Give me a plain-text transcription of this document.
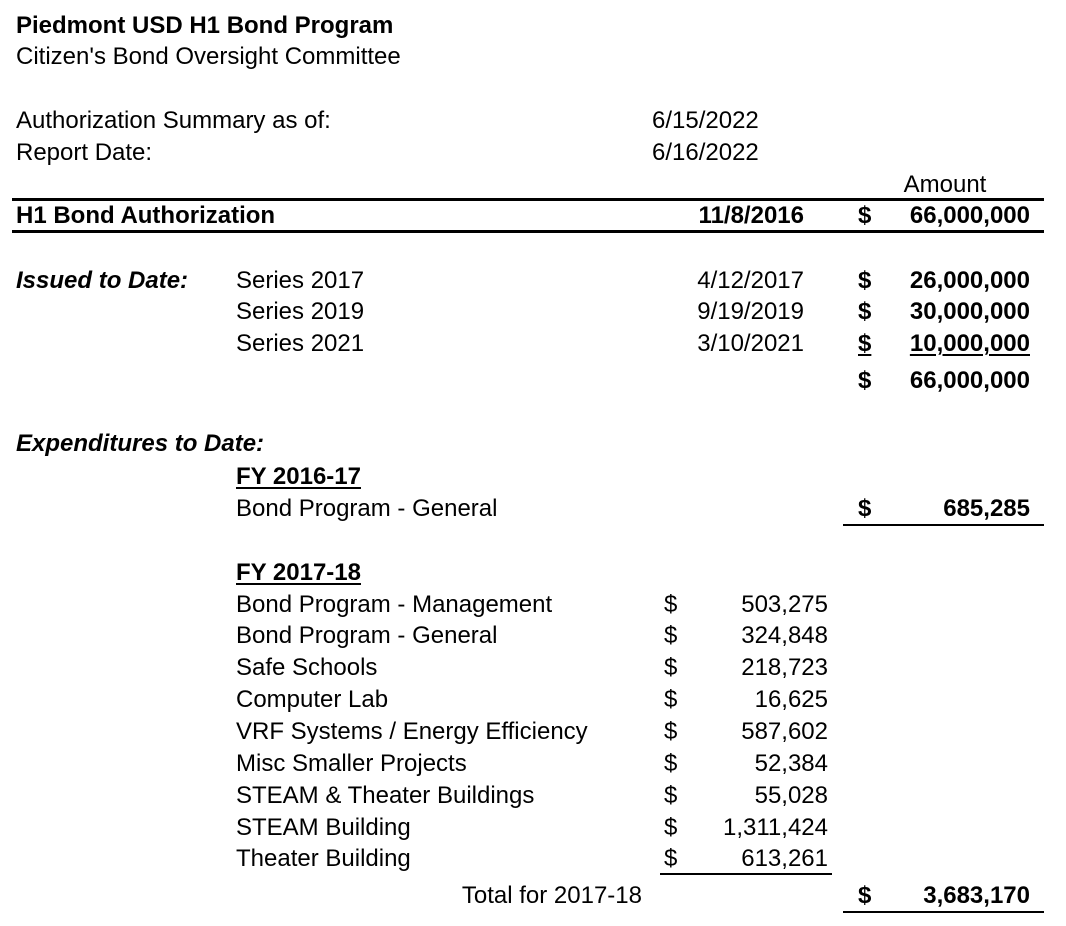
Piedmont USD H1 Bond Program
Citizen's Bond Oversight Committee
Authorization Summary as of:	6/15/2022
Report Date:	6/16/2022
Amount
H1 Bond Authorization	11/8/2016 $	66,000,000
Issued to Date: Series 2017	4/12/2017 $	26,000,000
Series 2019	9/19/2019 $	30,000,000
Series 2021	3/10/2021 $	10,000,000
$	66,000,000
Expenditures to Date:
FY 2016-17
Bond Program - General	$	685,285
FY 2017-18
Bond Program - Management	$	503,275
Bond Program - General	$	324,848
Safe Schools	$	218,723
Computer Lab	$	16,625
VRF Systems / Energy Efficiency	$	587,602
Misc Smaller Projects	$	52,384
STEAM & Theater Buildings	$	55,028
STEAM Building	$	1,311,424
Theater Building	$	613,261
Total for 2017-18	$	3,683,170
